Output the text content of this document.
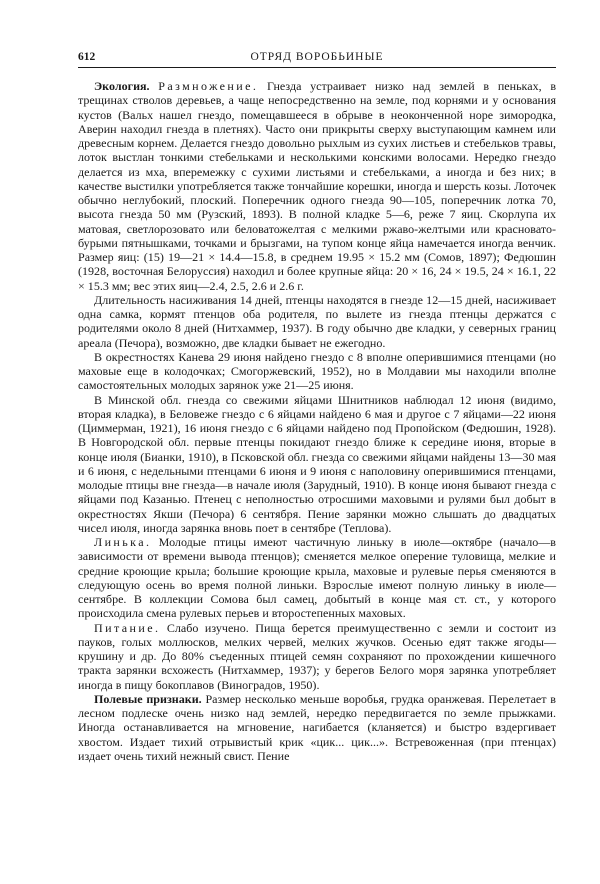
612	ОТРЯД ВОРОБЬИНЫЕ

Экология. Размножение. Гнезда устраивает низко над землей в пеньках, в трещинах стволов деревьев, а чаще непосредственно на земле, под корнями и у основания кустов (Вальх нашел гнездо, помещавшееся в обрыве в неоконченной норе зимородка, Аверин находил гнезда в плетнях). Часто они прикрыты сверху выступающим камнем или древесным корнем. Делается гнездо довольно рыхлым из сухих листьев и стебельков травы, лоток выстлан тонкими стебельками и несколькими конскими волосами. Нередко гнездо делается из мха, вперемежку с сухими листьями и стебельками, а иногда и без них; в качестве выстилки употребляется также тончайшие корешки, иногда и шерсть козы. Лоточек обычно неглубокий, плоский. Поперечник одного гнезда 90—105, поперечник лотка 70, высота гнезда 50 мм (Рузский, 1893). В полной кладке 5—6, реже 7 яиц. Скорлупа их матовая, светлорозоватo или беловатожелтая с мелкими ржаво-желтыми или красновато-бурыми пятнышками, точками и брызгами, на тупом конце яйца намечается иногда венчик. Размер яиц: (15) 19—21 × 14.4—15.8, в среднем 19.95 × 15.2 мм (Сомов, 1897); Федюшин (1928, восточная Белоруссия) находил и более крупные яйца: 20 × 16, 24 × 19.5, 24 × 16.1, 22 × 15.3 мм; вес этих яиц—2.4, 2.5, 2.6 и 2.6 г.

Длительность насиживания 14 дней, птенцы находятся в гнезде 12—15 дней, насиживает одна самка, кормят птенцов оба родителя, по вылете из гнезда птенцы держатся с родителями около 8 дней (Нитхаммер, 1937). В году обычно две кладки, у северных границ ареала (Печора), возможно, две кладки бывает не ежегодно.

В окрестностях Канева 29 июня найдено гнездо с 8 вполне оперившимися птенцами (но маховые еще в колодочках; Смогоржевский, 1952), но в Молдавии мы находили вполне самостоятельных молодых зарянок уже 21—25 июня.

В Минской обл. гнезда со свежими яйцами Шнитников наблюдал 12 июня (видимо, вторая кладка), в Беловеже гнездо с 6 яйцами найдено 6 мая и другое с 7 яйцами—22 июня (Циммерман, 1921), 16 июня гнездо с 6 яйцами найдено под Пропойском (Федюшин, 1928). В Новгородской обл. первые птенцы покидают гнездо ближе к середине июня, вторые в конце июля (Бианки, 1910), в Псковской обл. гнезда со свежими яйцами найдены 13—30 мая и 6 июня, с недельными птенцами 6 июня и 9 июня с наполовину оперившимися птенцами, молодые птицы вне гнезда—в начале июля (Зарудный, 1910). В конце июня бывают гнезда с яйцами под Казанью. Птенец с неполностью отросшими маховыми и рулями был добыт в окрестностях Якши (Печора) 6 сентября. Пение зарянки можно слышать до двадцатых чисел июля, иногда зарянка вновь поет в сентябре (Теплова).

Линька. Молодые птицы имеют частичную линьку в июле—октябре (начало—в зависимости от времени вывода птенцов); сменяется мелкое оперение туловища, мелкие и средние кроющие крыла; большие кроющие крыла, маховые и рулевые перья сменяются в следующую осень во время полной линьки. Взрослые имеют полную линьку в июле—сентябре. В коллекции Сомова был самец, добытый в конце мая ст. ст., у которого происходила смена рулевых перьев и второстепенных маховых.

Питание. Слабо изучено. Пища берется преимущественно с земли и состоит из пауков, голых моллюсков, мелких червей, мелких жучков. Осенью едят также ягоды—крушину и др. До 80% съеденных птицей семян сохраняют по прохождении кишечного тракта зарянки всхожесть (Нитхаммер, 1937); у берегов Белого моря зарянка употребляет иногда в пищу бокоплавов (Виноградов, 1950).

Полевые признаки. Размер несколько меньше воробья, грудка оранжевая. Перелетает в лесном подлеске очень низко над землей, нередко передвигается по земле прыжками. Иногда останавливается на мгновение, нагибается (кланяется) и быстро вздергивает хвостом. Издает тихий отрывистый крик «цик... цик...». Встревоженная (при птенцах) издает очень тихий нежный свист. Пение
